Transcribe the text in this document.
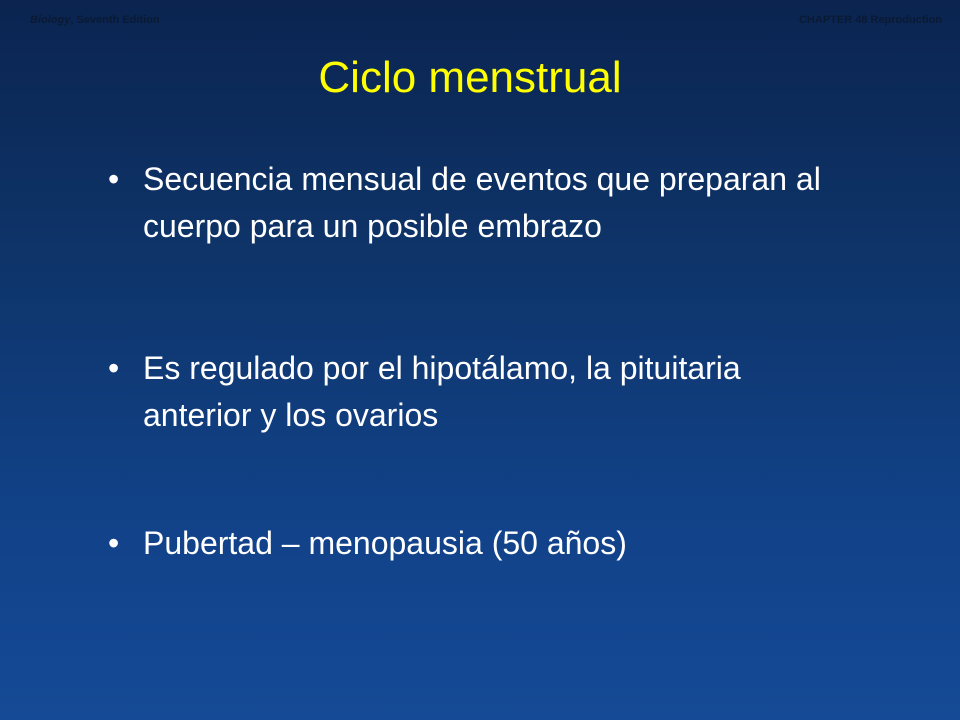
Biology, Seventh Edition	CHAPTER 48 Reproduction
Ciclo menstrual
• Secuencia mensual de eventos que preparan al cuerpo para un posible embrazo
• Es regulado por el hipotálamo, la pituitaria anterior y los ovarios
• Pubertad – menopausia (50 años)
